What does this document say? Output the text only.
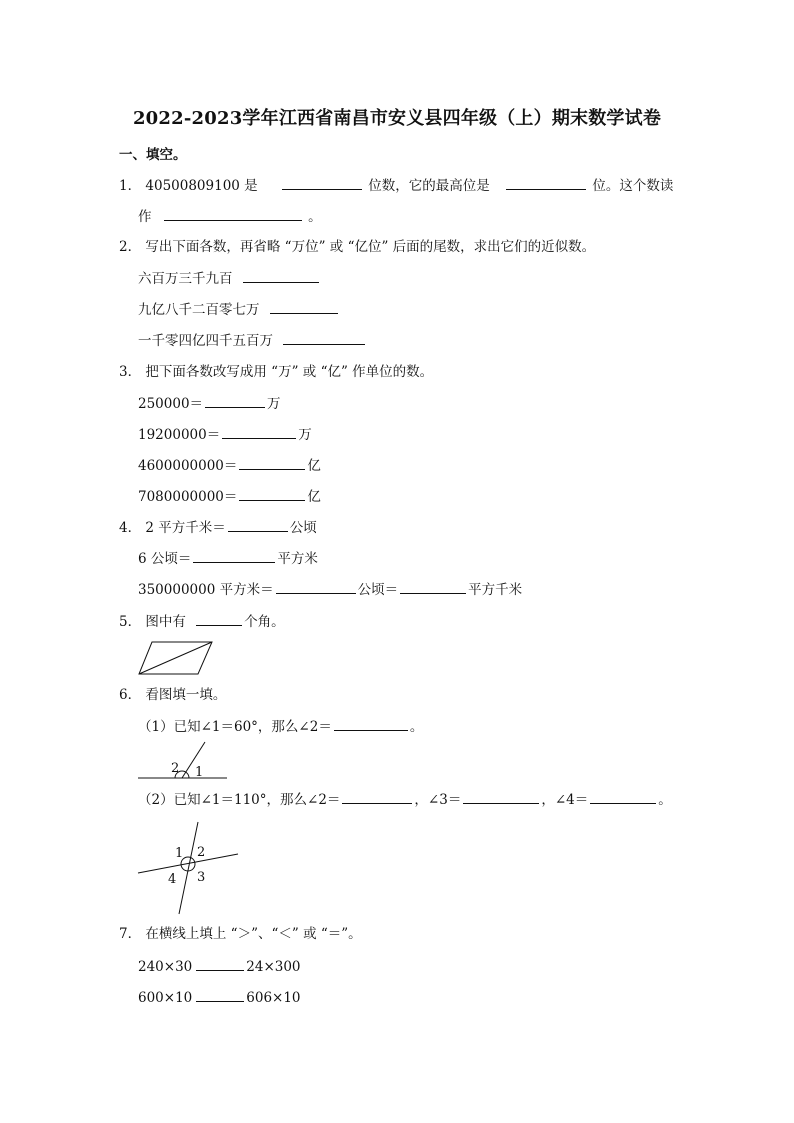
2022-2023学年江西省南昌市安义县四年级（上）期末数学试卷
一、填空。
1． 40500809100 是	位数，它的最高位是	位。这个数读
作	。
2． 写出下面各数，再省略 “万位” 或 “亿位” 后面的尾数，求出它们的近似数。
六百万三千九百
九亿八千二百零七万
一千零四亿四千五百万
3． 把下面各数改写成用 “万” 或 “亿” 作单位的数。
250000＝	万
19200000＝	万
4600000000＝	亿
7080000000＝	亿
4． 2 平方千米＝	公顷
6 公顷＝	平方米
350000000 平方米＝	公顷＝	平方千米
5． 图中有	个角。
6． 看图填一填。
（1）已知∠1＝60°，那么∠2＝	。
2 1
（2）已知∠1＝110°，那么∠2＝	，∠3＝	，∠4＝	。
1 2
3
4
7． 在横线上填上 “＞”、“＜” 或 “＝”。
240×30	24×300
600×10	606×10
